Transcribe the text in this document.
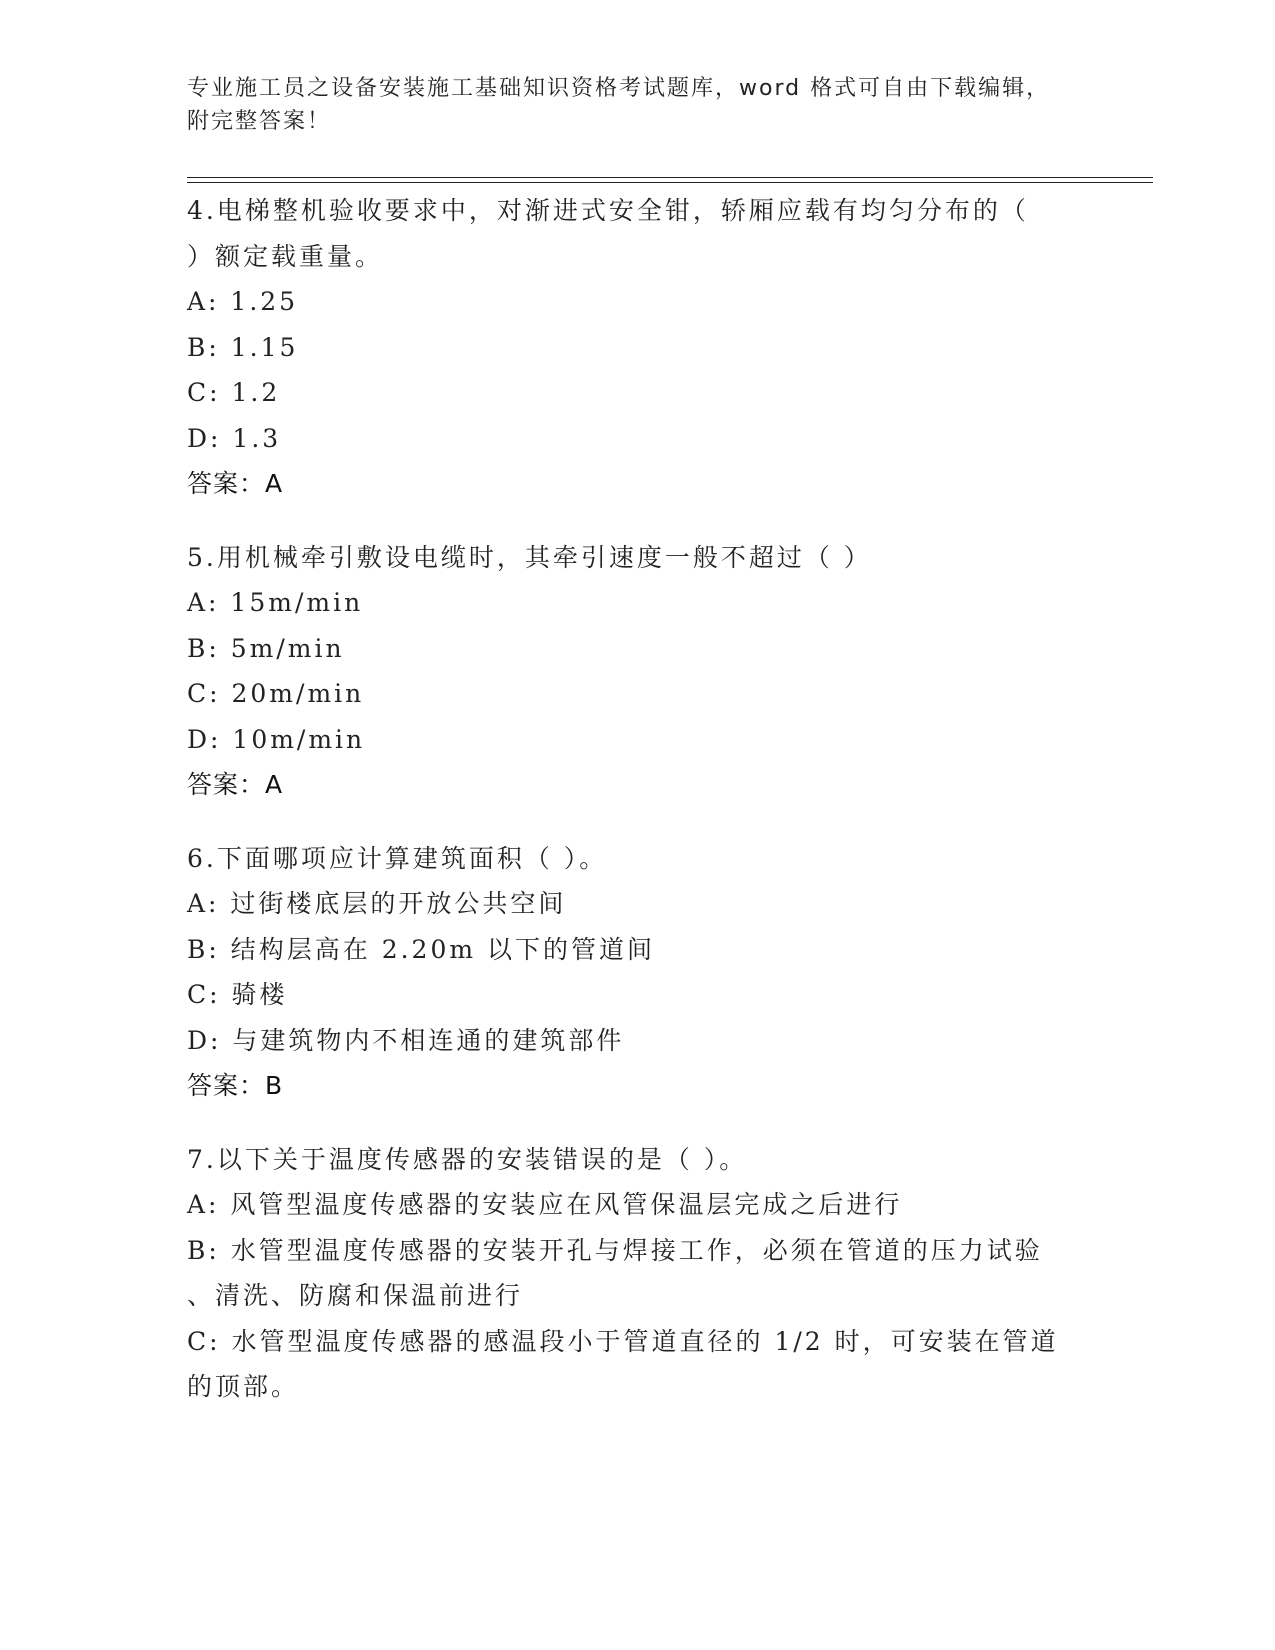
专业施工员之设备安装施工基础知识资格考试题库，word 格式可自由下载编辑，
附完整答案！
4.电梯整机验收要求中，对渐进式安全钳，轿厢应载有均匀分布的（
）额定载重量。
A: 1.25
B: 1.15
C: 1.2
D: 1.3
答案：A
5.用机械牵引敷设电缆时，其牵引速度一般不超过（ ）
A: 15m/min
B: 5m/min
C: 20m/min
D: 10m/min
答案：A
6.下面哪项应计算建筑面积（ ）。
A: 过街楼底层的开放公共空间
B: 结构层高在 2.20m 以下的管道间
C: 骑楼
D: 与建筑物内不相连通的建筑部件
答案：B
7.以下关于温度传感器的安装错误的是（ ）。
A: 风管型温度传感器的安装应在风管保温层完成之后进行
B: 水管型温度传感器的安装开孔与焊接工作，必须在管道的压力试验
、清洗、防腐和保温前进行
C: 水管型温度传感器的感温段小于管道直径的 1/2 时，可安装在管道
的顶部。
